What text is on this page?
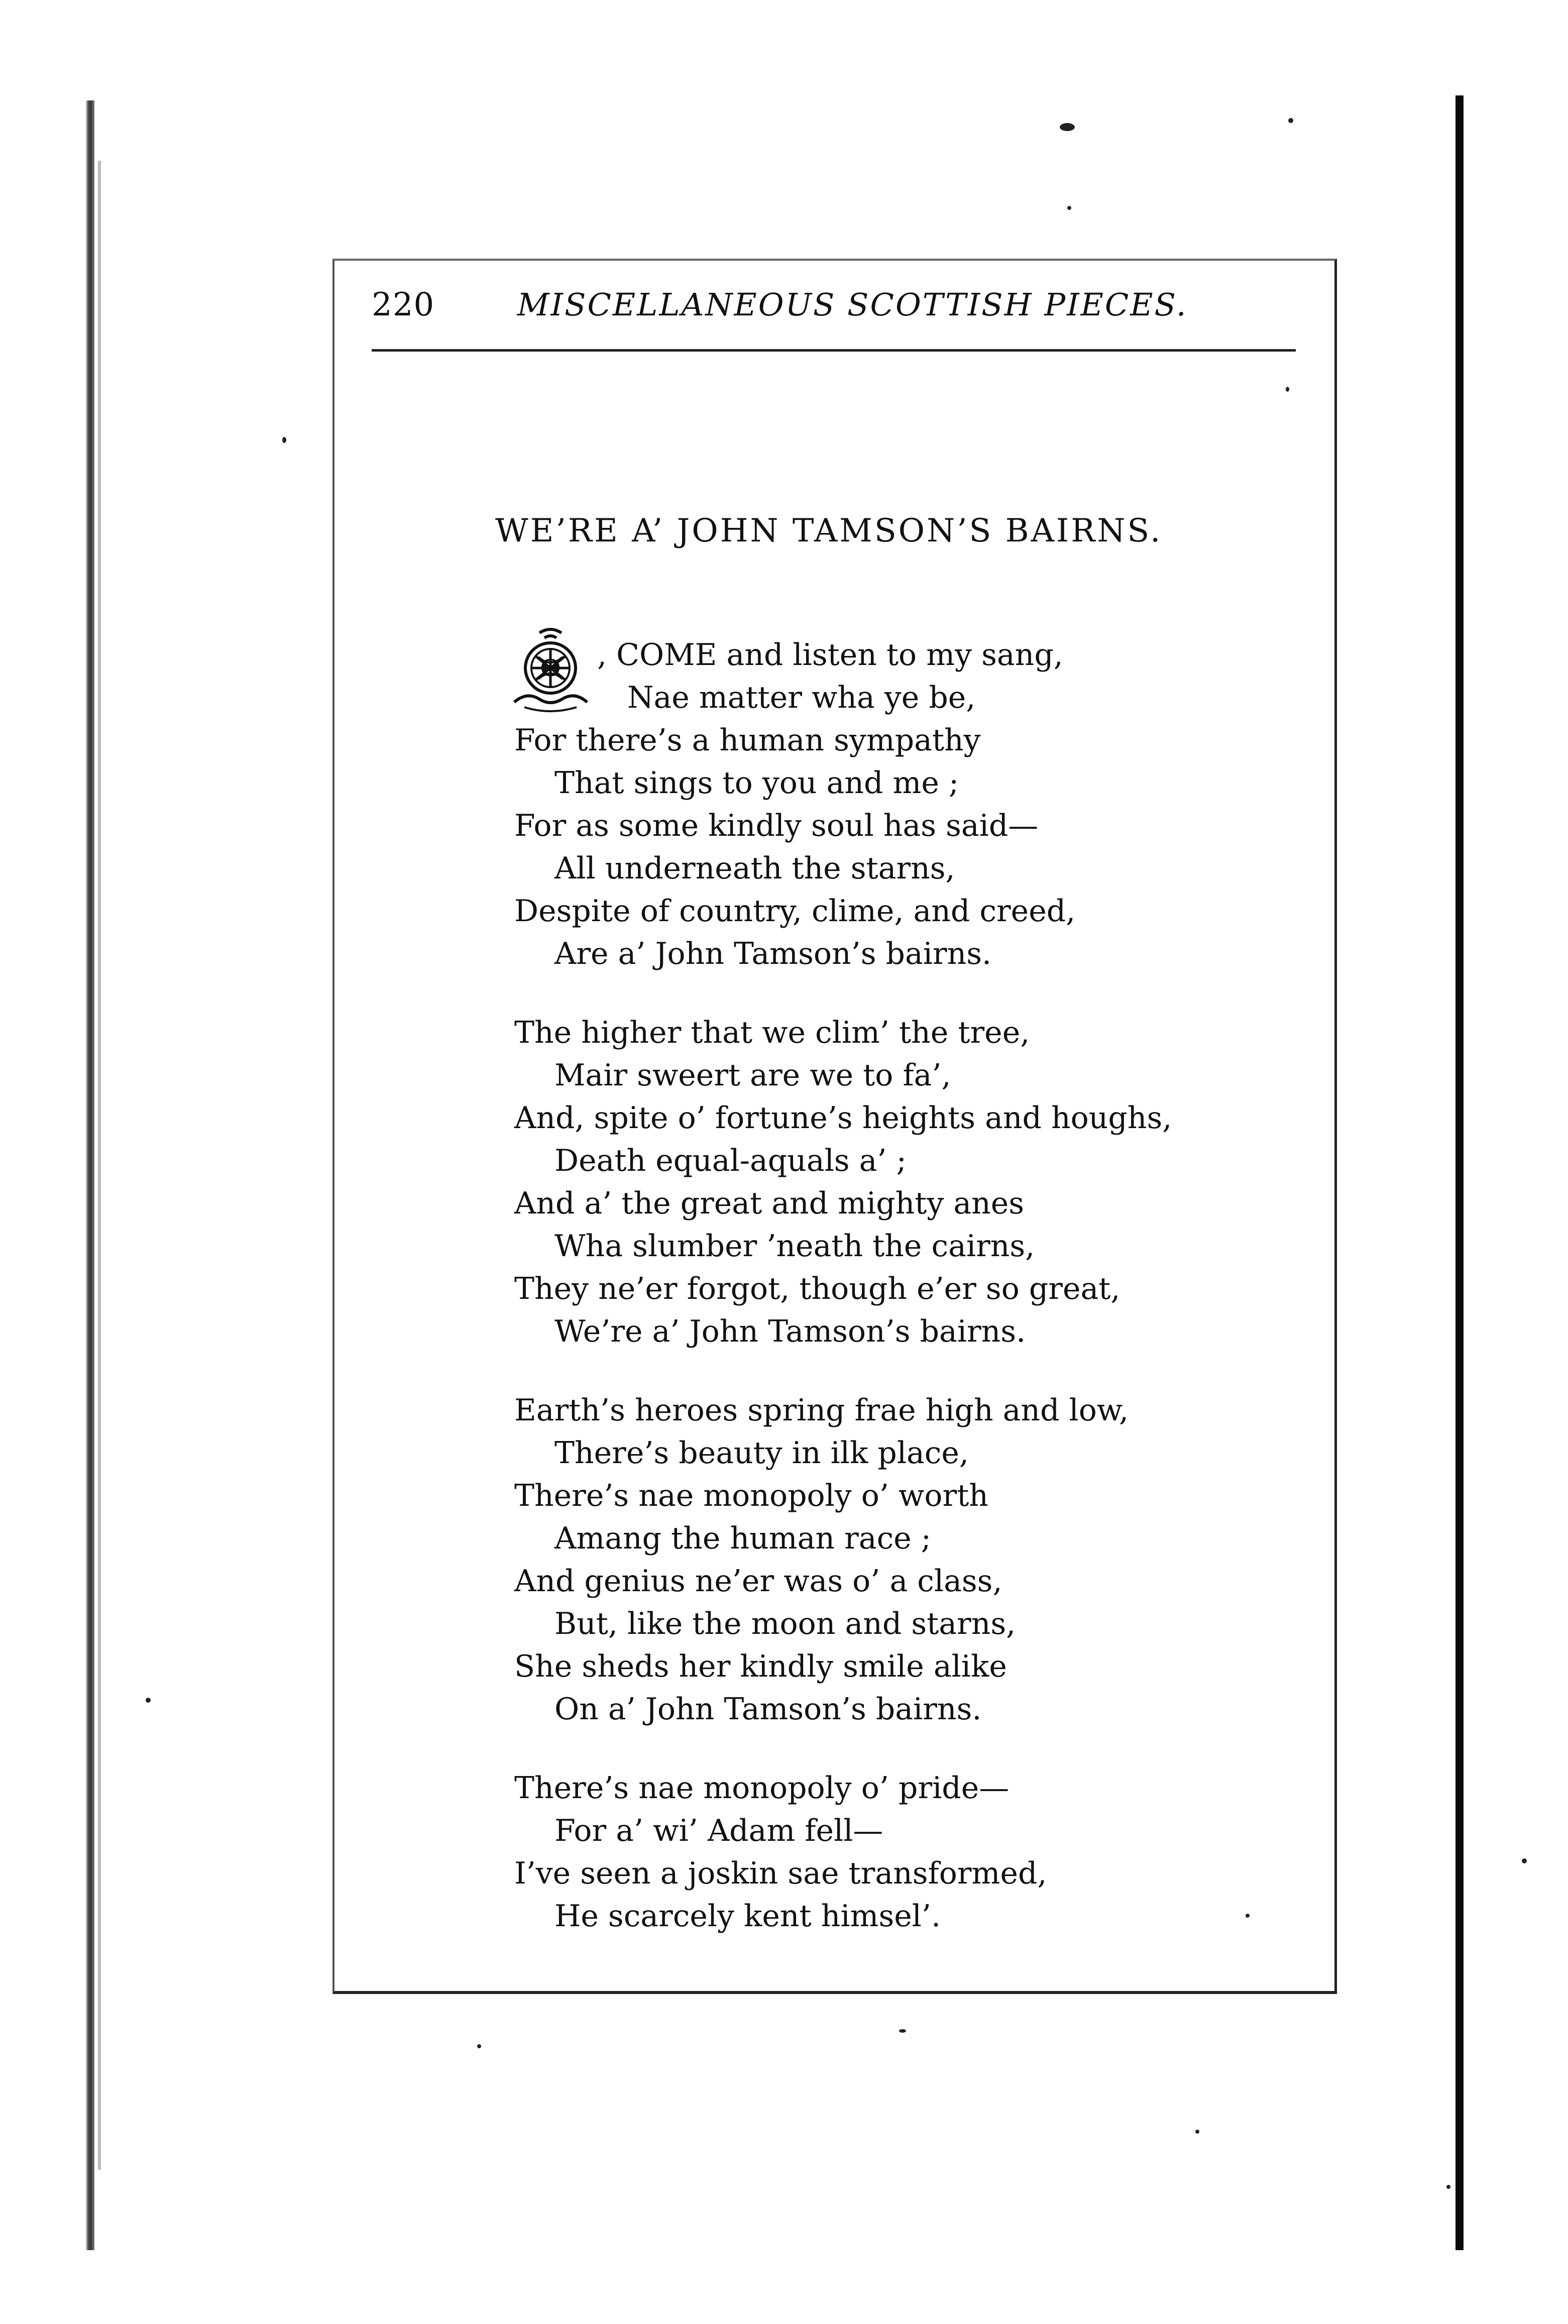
220	MISCELLANEOUS SCOTTISH PIECES.
WE’RE A’ JOHN TAMSON’S BAIRNS.
O	, COME and listen to my sang,
Nae matter wha ye be,
For there’s a human sympathy
That sings to you and me ;
For as some kindly soul has said—
All underneath the starns,
Despite of country, clime, and creed,
Are a’ John Tamson’s bairns.
The higher that we clim’ the tree,
Mair sweert are we to fa’,
And, spite o’ fortune’s heights and houghs,
Death equal-aquals a’ ;
And a’ the great and mighty anes
Wha slumber ’neath the cairns,
They ne’er forgot, though e’er so great,
We’re a’ John Tamson’s bairns.
Earth’s heroes spring frae high and low,
There’s beauty in ilk place,
There’s nae monopoly o’ worth
Amang the human race ;
And genius ne’er was o’ a class,
But, like the moon and starns,
She sheds her kindly smile alike
On a’ John Tamson’s bairns.
There’s nae monopoly o’ pride—
For a’ wi’ Adam fell—
I’ve seen a joskin sae transformed,
He scarcely kent himsel’.
